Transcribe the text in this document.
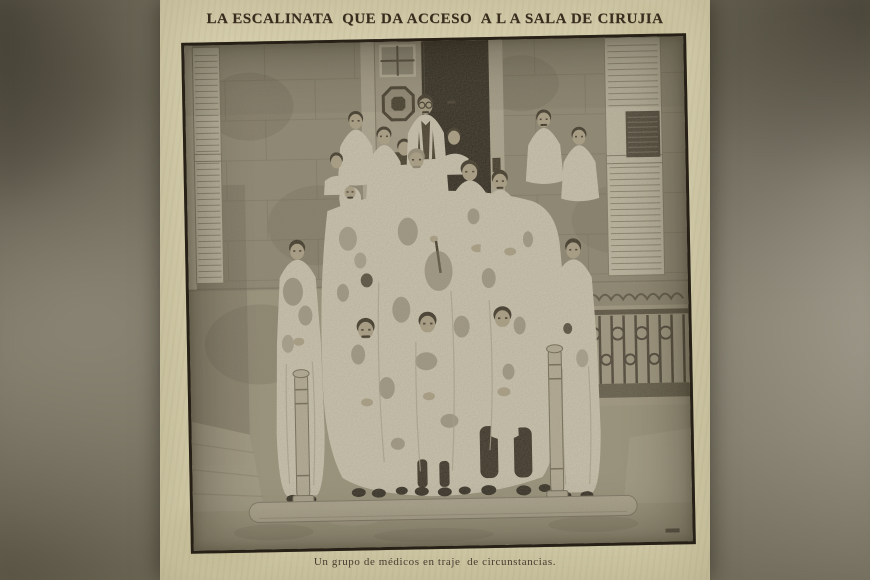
LA ESCALINATA  QUE DA ACCESO  A L A SALA DE CIRUJIA
Un grupo de médicos en traje  de circunstancias.
